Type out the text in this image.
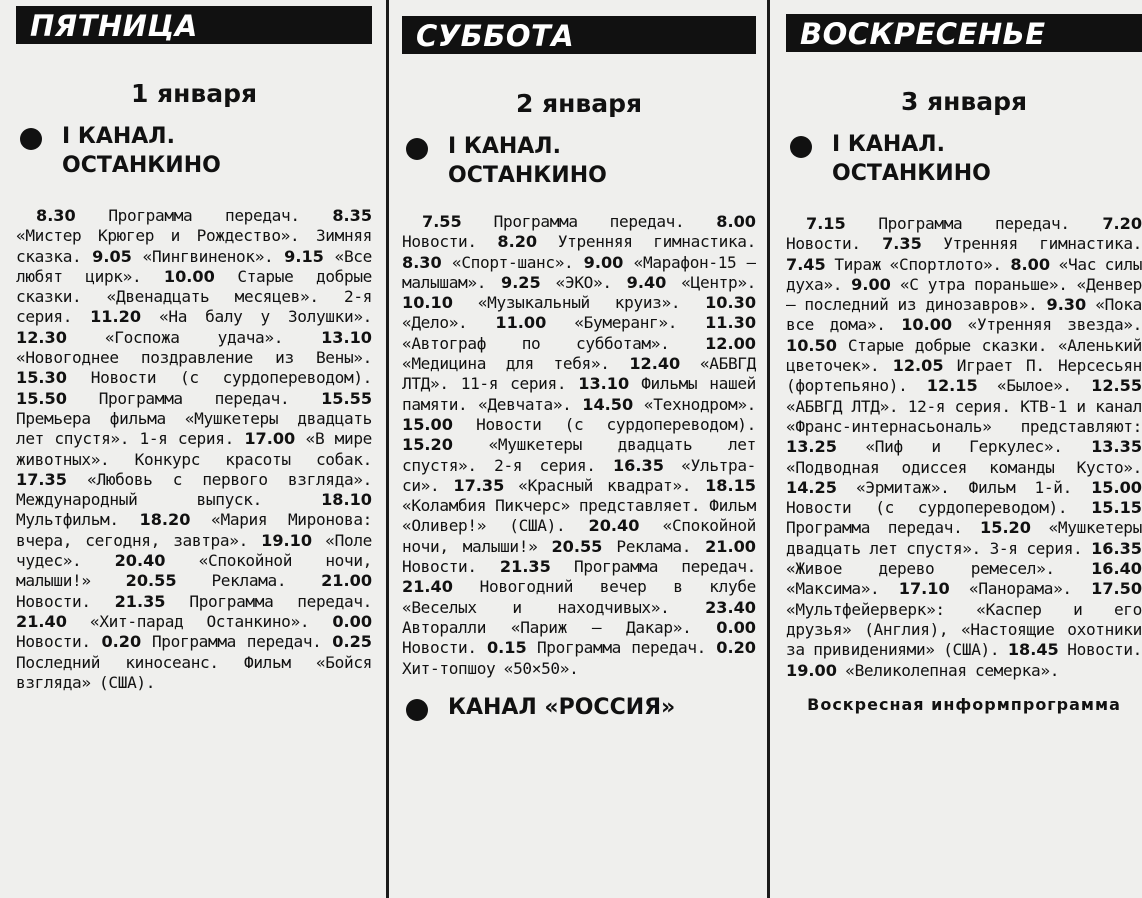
ПЯТНИЦА
1 января
I КАНАЛ.
ОСТАНКИНО
8.30 Программа передач. 8.35 «Мистер Крюгер и Рождество». Зимняя сказка. 9.05 «Пингвиненок». 9.15 «Все любят цирк». 10.00 Старые добрые сказки. «Двенадцать месяцев». 2-я серия. 11.20 «На балу у Золушки». 12.30 «Госпожа удача». 13.10 «Новогоднее поздравление из Вены». 15.30 Новости (с сурдопереводом). 15.50 Программа передач. 15.55 Премьера фильма «Мушкетеры двадцать лет спустя». 1-я серия. 17.00 «В мире животных». Конкурс красоты собак. 17.35 «Любовь с первого взгляда». Международный выпуск.	18.10 Мультфильм. 18.20 «Мария Миронова: вчера, сегодня, завтра». 19.10 «Поле чудес». 20.40 «Спокойной ночи, малыши!» 20.55 Реклама. 21.00 Новости. 21.35 Программа передач. 21.40 «Хит-парад Останкино». 0.00 Новости. 0.20 Программа передач. 0.25 Последний киносеанс. Фильм «Бойся взгляда» (США).
СУББОТА
2 января
I КАНАЛ.
ОСТАНКИНО
7.55 Программа передач. 8.00 Новости. 8.20 Утренняя гимнастика. 8.30 «Спорт-шанс». 9.00 «Марафон-15 — малышам». 9.25 «ЭКО». 9.40 «Центр». 10.10 «Музыкальный круиз». 10.30 «Дело». 11.00 «Бумеранг». 11.30 «Автограф по субботам». 12.00 «Медицина для тебя». 12.40 «АБВГД ЛТД». 11-я серия. 13.10 Фильмы нашей памяти. «Девчата». 14.50 «Технодром». 15.00 Новости (с сурдопереводом). 15.20 «Мушкетеры двадцать лет спустя». 2-я серия. 16.35 «Ультра-си». 17.35 «Красный квадрат». 18.15 «Коламбия Пикчерс» представляет. Фильм «Оливер!» (США). 20.40 «Спокойной ночи, малыши!» 20.55 Реклама. 21.00 Новости. 21.35 Программа передач. 21.40 Новогодний вечер в клубе «Веселых и находчивых». 23.40 Авторалли «Париж — Дакар». 0.00 Новости. 0.15 Программа передач. 0.20 Хит-топшоу «50×50».
КАНАЛ «РОССИЯ»
ВОСКРЕСЕНЬЕ
3 января
I КАНАЛ.
ОСТАНКИНО
7.15 Программа передач. 7.20 Новости. 7.35 Утренняя гимнастика. 7.45 Тираж «Спортлото». 8.00 «Час силы духа». 9.00 «С утра пораньше». «Денвер — последний из динозавров». 9.30 «Пока все дома». 10.00 «Утренняя звезда». 10.50 Старые добрые сказки. «Аленький цветочек». 12.05 Играет П. Нерсесьян (фортепьяно). 12.15 «Былое». 12.55 «АБВГД ЛТД». 12-я серия. КТВ-1 и канал «Франс-интернасьональ» представляют: 13.25 «Пиф и Геркулес». 13.35 «Подводная одиссея команды Кусто». 14.25 «Эрмитаж». Фильм 1-й. 15.00 Новости (с сурдопереводом). 15.15 Программа передач. 15.20 «Мушкетеры двадцать лет спустя». 3-я серия. 16.35 «Живое дерево ремесел». 16.40 «Максима». 17.10 «Панорама». 17.50 «Мультфейерверк»: «Каспер и его друзья» (Англия), «Настоящие охотники за привидениями» (США). 18.45 Новости. 19.00 «Великолепная семерка».
Воскресная информпрограмма
